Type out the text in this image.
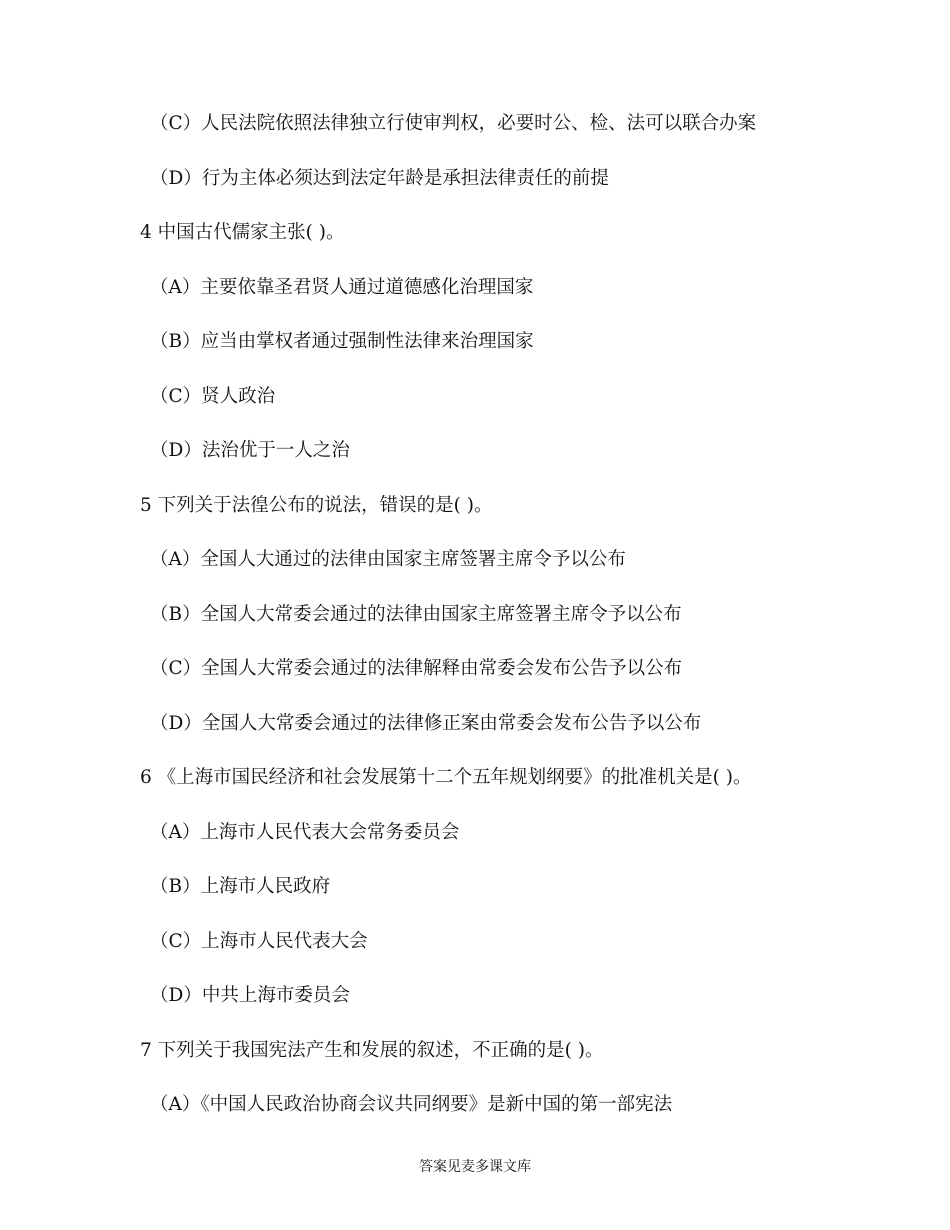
（C）人民法院依照法律独立行使审判权，必要时公、检、法可以联合办案
（D）行为主体必须达到法定年龄是承担法律责任的前提
4 中国古代儒家主张( )。
（A）主要依靠圣君贤人通过道德感化治理国家
（B）应当由掌权者通过强制性法律来治理国家
（C）贤人政治
（D）法治优于一人之治
5 下列关于法徨公布的说法，错误的是( )。
（A）全国人大通过的法律由国家主席签署主席令予以公布
（B）全国人大常委会通过的法律由国家主席签署主席令予以公布
（C）全国人大常委会通过的法律解释由常委会发布公告予以公布
（D）全国人大常委会通过的法律修正案由常委会发布公告予以公布
6 《上海市国民经济和社会发展第十二个五年规划纲要》的批准机关是( )。
（A）上海市人民代表大会常务委员会
（B）上海市人民政府
（C）上海市人民代表大会
（D）中共上海市委员会
7 下列关于我国宪法产生和发展的叙述，不正确的是( )。
（A）《中国人民政治协商会议共同纲要》是新中国的第一部宪法
答案见麦多课文库
